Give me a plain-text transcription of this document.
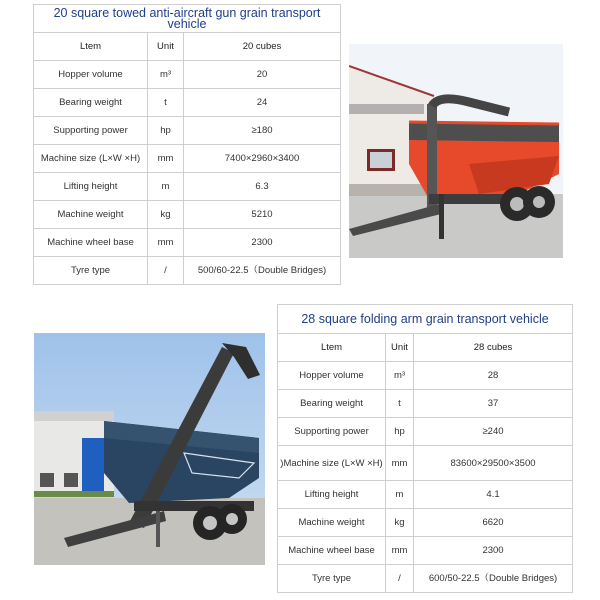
20 square towed anti-aircraft gun grain transport vehicle		
Ltem	Unit	20 cubes
Hopper volume	m³	20
Bearing weight	t	24
Supporting power	hp	≥180
Machine size (L×W ×H)	mm	7400×2960×3400
Lifting height	m	6.3
Machine weight	kg	5210
Machine wheel base	mm	2300
Tyre type	/	500/60-22.5（Double Bridges)
28 square folding arm grain transport vehicle		
Ltem	Unit	28 cubes
Hopper volume	m³	28
Bearing weight	t	37
Supporting power	hp	≥240
)Machine size (L×W ×H)	mm	83600×29500×3500
Lifting height	m	4.1
Machine weight	kg	6620
Machine wheel base	mm	2300
Tyre type	/	600/50-22.5（Double Bridges)
